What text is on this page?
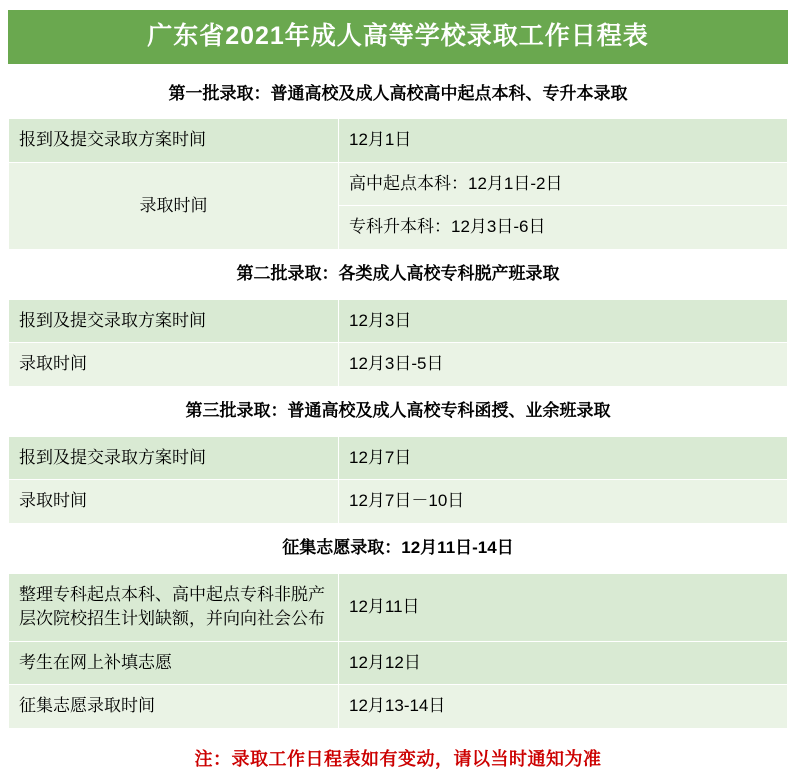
广东省2021年成人高等学校录取工作日程表
第一批录取：普通高校及成人高校高中起点本科、专升本录取	
报到及提交录取方案时间	12月1日
录取时间	高中起点本科：12月1日-2日
	专科升本科：12月3日-6日
第二批录取：各类成人高校专科脱产班录取	
报到及提交录取方案时间	12月3日
录取时间	12月3日-5日
第三批录取：普通高校及成人高校专科函授、业余班录取	
报到及提交录取方案时间	12月7日
录取时间	12月7日－10日
征集志愿录取：12月11日-14日	
整理专科起点本科、高中起点专科非脱产层次院校招生计划缺额，并向向社会公布	12月11日
考生在网上补填志愿	12月12日
征集志愿录取时间	12月13-14日
注：录取工作日程表如有变动，请以当时通知为准
